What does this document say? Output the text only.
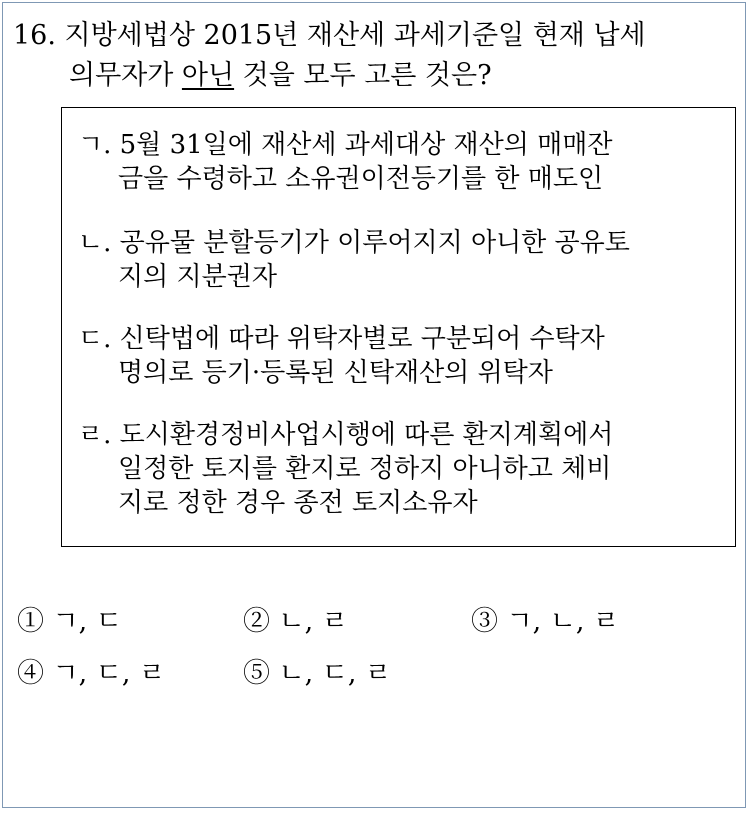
16. 지방세법상 2015년 재산세 과세기준일 현재 납세
의무자가 아닌 것을 모두 고른 것은?
ㄱ. 5월 31일에 재산세 과세대상 재산의 매매잔
금을 수령하고 소유권이전등기를 한 매도인
ㄴ. 공유물 분할등기가 이루어지지 아니한 공유토
지의 지분권자
ㄷ. 신탁법에 따라 위탁자별로 구분되어 수탁자
명의로 등기·등록된 신탁재산의 위탁자
ㄹ. 도시환경정비사업시행에 따른 환지계획에서
일정한 토지를 환지로 정하지 아니하고 체비
지로 정한 경우 종전 토지소유자
① ㄱ, ㄷ	② ㄴ, ㄹ	③ ㄱ, ㄴ, ㄹ
④ ㄱ, ㄷ, ㄹ	⑤ ㄴ, ㄷ, ㄹ
